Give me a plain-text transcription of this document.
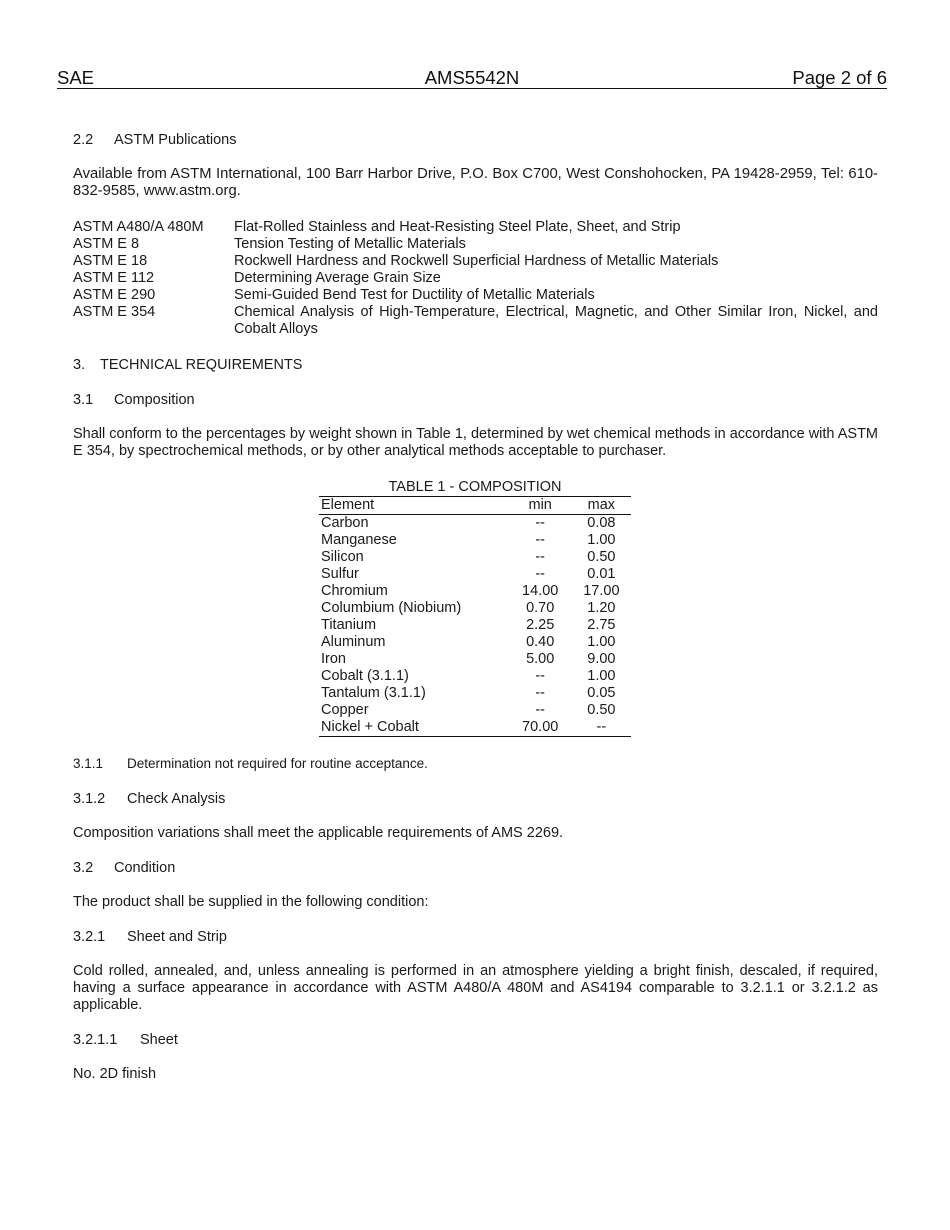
AMS5542N
SAE	Page 2 of 6

2.2 ASTM Publications

Available from ASTM International, 100 Barr Harbor Drive, P.O. Box C700, West Conshohocken, PA 19428-2959, Tel: 610-832-9585, www.astm.org.

ASTM A480/A 480M	Flat-Rolled Stainless and Heat-Resisting Steel Plate, Sheet, and Strip
ASTM E 8	Tension Testing of Metallic Materials
ASTM E 18	Rockwell Hardness and Rockwell Superficial Hardness of Metallic Materials
ASTM E 112	Determining Average Grain Size
ASTM E 290	Semi-Guided Bend Test for Ductility of Metallic Materials
ASTM E 354	Chemical Analysis of High-Temperature, Electrical, Magnetic, and Other Similar Iron, Nickel, and Cobalt Alloys

3. TECHNICAL REQUIREMENTS

3.1 Composition

Shall conform to the percentages by weight shown in Table 1, determined by wet chemical methods in accordance with ASTM E 354, by spectrochemical methods, or by other analytical methods acceptable to purchaser.

TABLE 1 - COMPOSITION

Element	min	max
Carbon	--	0.08
Manganese	--	1.00
Silicon	--	0.50
Sulfur	--	0.01
Chromium	14.00	17.00
Columbium (Niobium)	0.70	1.20
Titanium	2.25	2.75
Aluminum	0.40	1.00
Iron	5.00	9.00
Cobalt (3.1.1)	--	1.00
Tantalum (3.1.1)	--	0.05
Copper	--	0.50
Nickel + Cobalt	70.00	--

3.1.1 Determination not required for routine acceptance.

3.1.2 Check Analysis

Composition variations shall meet the applicable requirements of AMS 2269.

3.2 Condition

The product shall be supplied in the following condition:

3.2.1 Sheet and Strip

Cold rolled, annealed, and, unless annealing is performed in an atmosphere yielding a bright finish, descaled, if required, having a surface appearance in accordance with ASTM A480/A 480M and AS4194 comparable to 3.2.1.1 or 3.2.1.2 as applicable.

3.2.1.1 Sheet

No. 2D finish
